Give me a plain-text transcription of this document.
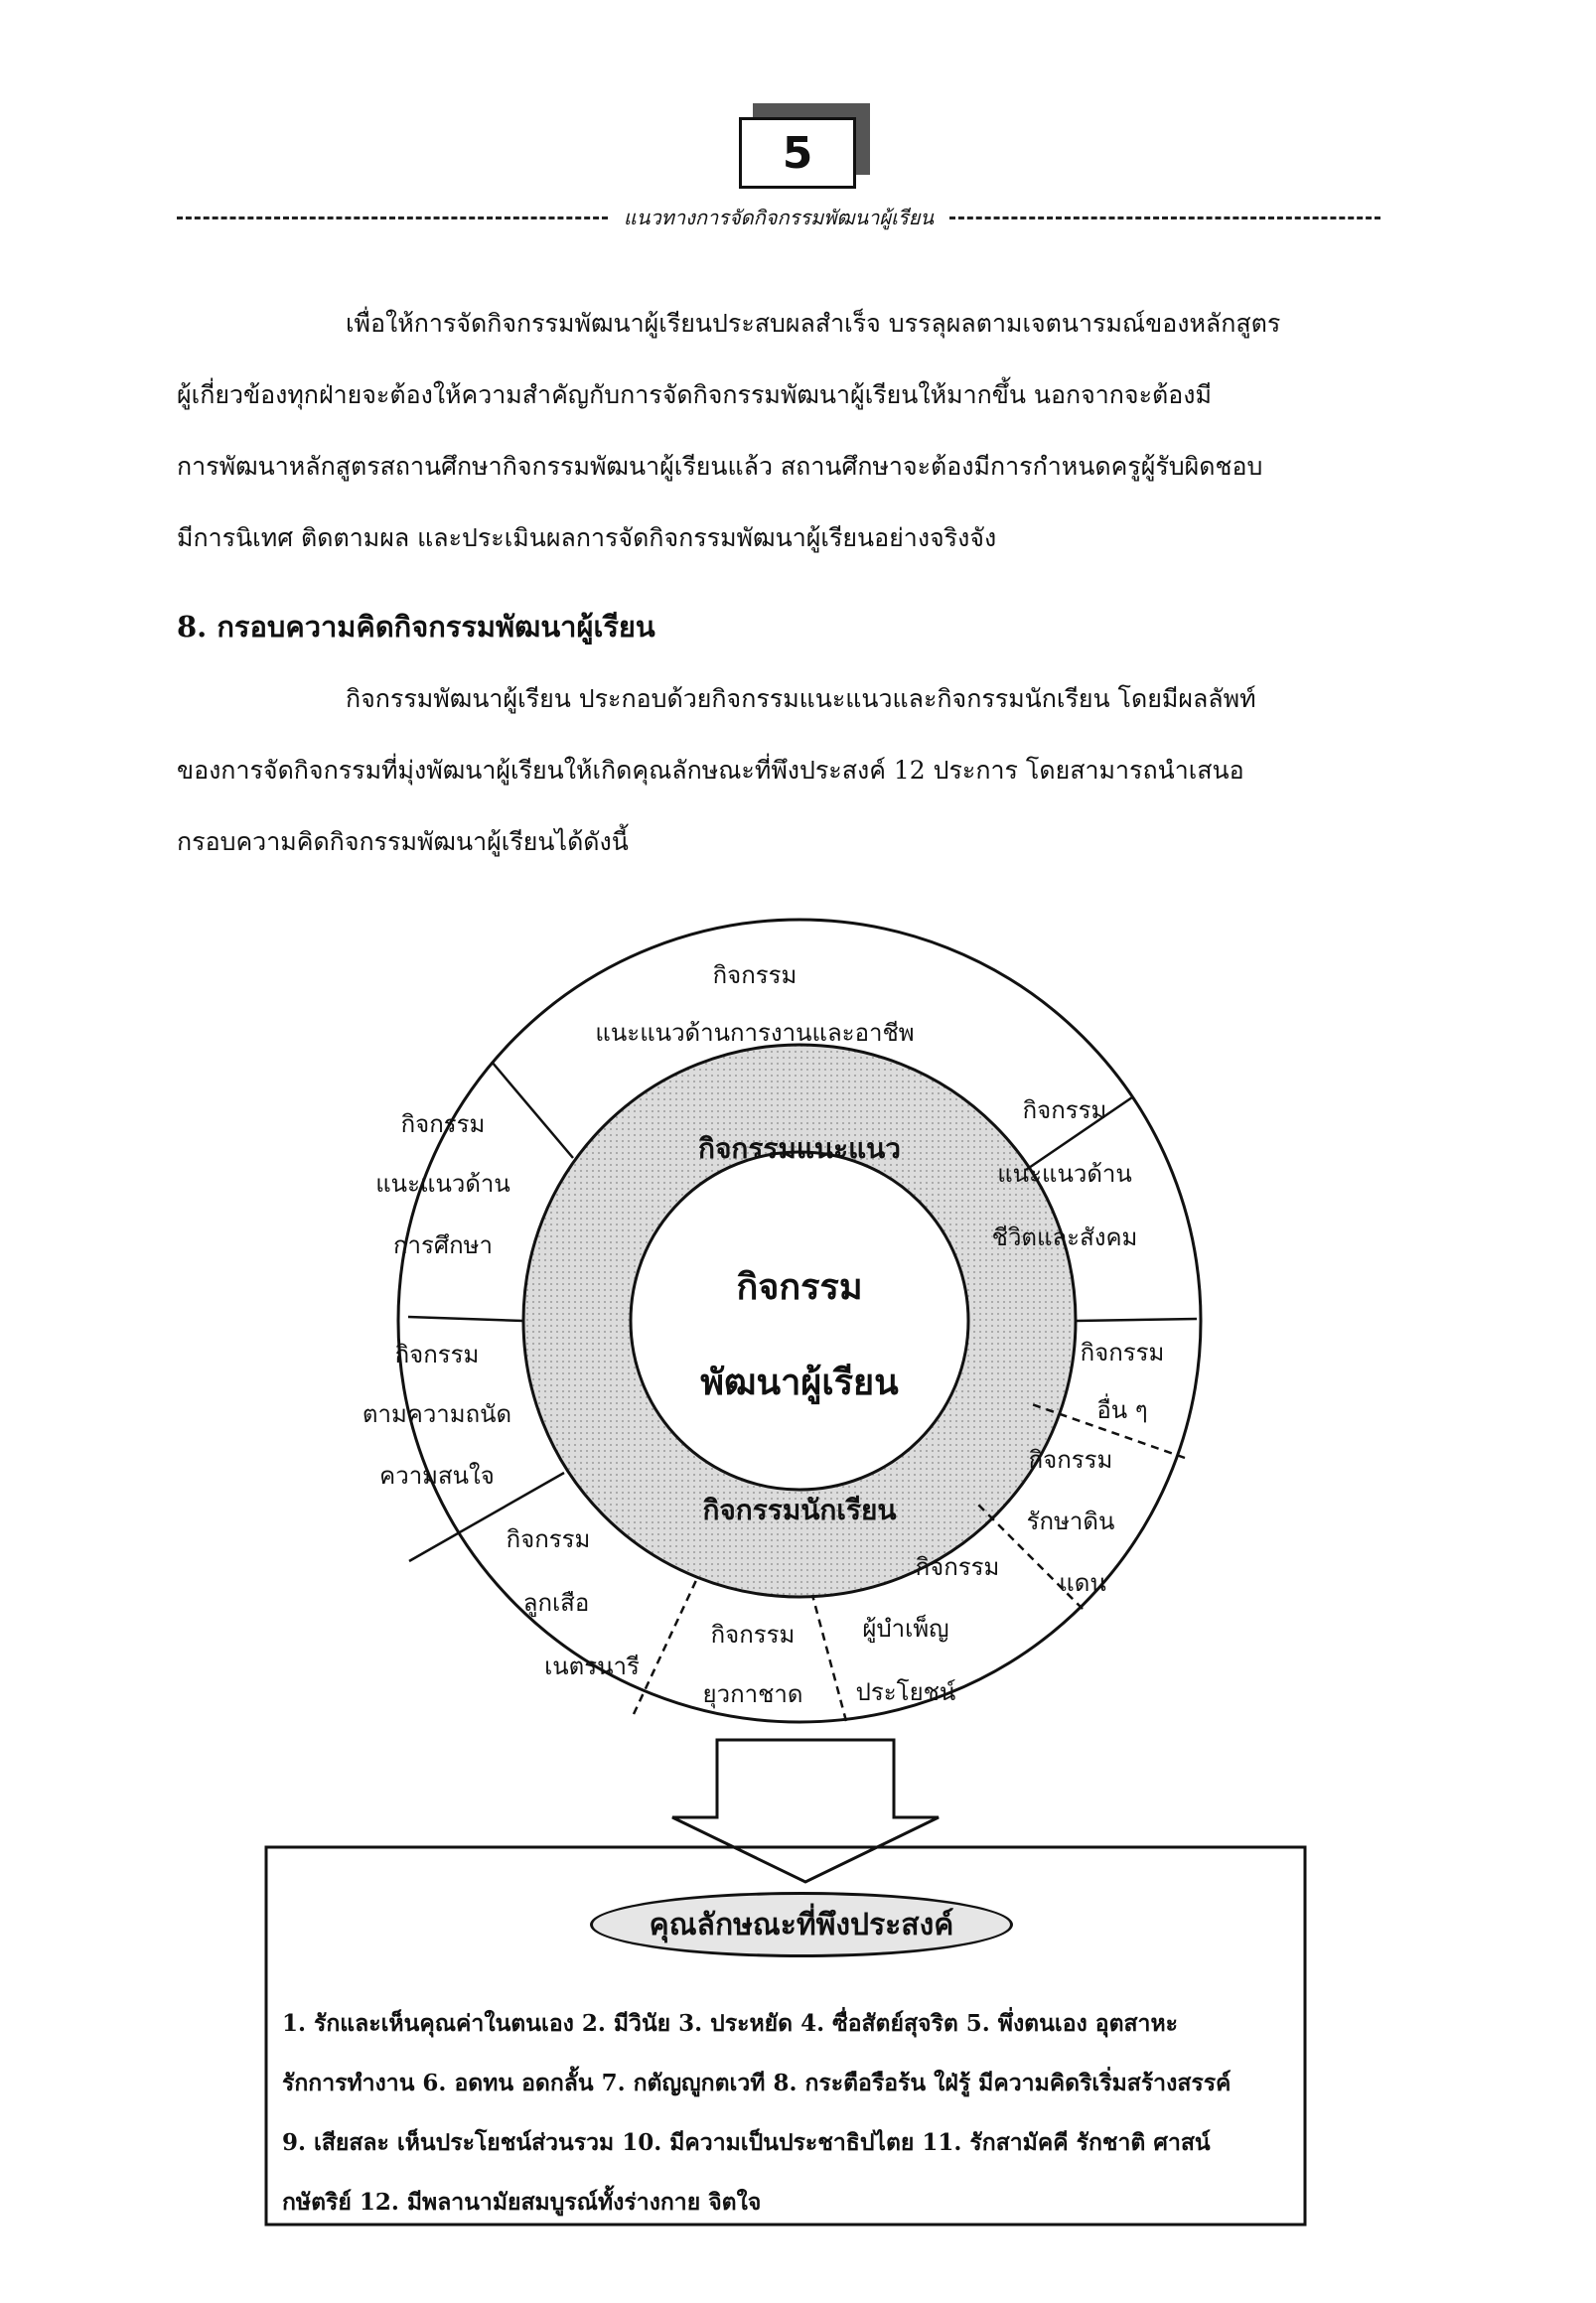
5
แนวทางการจัดกิจกรรมพัฒนาผู้เรียน
เพื่อให้การจัดกิจกรรมพัฒนาผู้เรียนประสบผลสำเร็จ บรรลุผลตามเจตนารมณ์ของหลักสูตร
ผู้เกี่ยวข้องทุกฝ่ายจะต้องให้ความสำคัญกับการจัดกิจกรรมพัฒนาผู้เรียนให้มากขึ้น นอกจากจะต้องมี
การพัฒนาหลักสูตรสถานศึกษากิจกรรมพัฒนาผู้เรียนแล้ว สถานศึกษาจะต้องมีการกำหนดครูผู้รับผิดชอบ
มีการนิเทศ ติดตามผล และประเมินผลการจัดกิจกรรมพัฒนาผู้เรียนอย่างจริงจัง
8. กรอบความคิดกิจกรรมพัฒนาผู้เรียน
กิจกรรมพัฒนาผู้เรียน ประกอบด้วยกิจกรรมแนะแนวและกิจกรรมนักเรียน โดยมีผลลัพท์
ของการจัดกิจกรรมที่มุ่งพัฒนาผู้เรียนให้เกิดคุณลักษณะที่พึงประสงค์ 12 ประการ โดยสามารถนำเสนอ
กรอบความคิดกิจกรรมพัฒนาผู้เรียนได้ดังนี้
กิจกรรม
แนะแนวด้านการงานและอาชีพ
กิจกรรม
แนะแนวด้าน
การศึกษา
กิจกรรม
แนะแนวด้าน
ชีวิตและสังคม
กิจกรรม
ตามความถนัด
ความสนใจ
กิจกรรม
อื่น ๆ
กิจกรรม
รักษาดิน
แดน
กิจกรรม
ลูกเสือ
เนตรนารี
กิจกรรม
ยุวกาชาด
กิจกรรม
ผู้บำเพ็ญ
ประโยชน์
กิจกรรมแนะแนว
กิจกรรมนักเรียน
กิจกรรม
พัฒนาผู้เรียน
คุณลักษณะที่พึงประสงค์
1. รักและเห็นคุณค่าในตนเอง 2. มีวินัย 3. ประหยัด 4. ซื่อสัตย์สุจริต 5. พึ่งตนเอง อุตสาหะ
รักการทำงาน 6. อดทน อดกลั้น 7. กตัญญูกตเวที 8. กระตือรือร้น ใฝ่รู้ มีความคิดริเริ่มสร้างสรรค์
9. เสียสละ เห็นประโยชน์ส่วนรวม 10. มีความเป็นประชาธิปไตย 11. รักสามัคคี รักชาติ ศาสน์
กษัตริย์ 12. มีพลานามัยสมบูรณ์ทั้งร่างกาย จิตใจ
